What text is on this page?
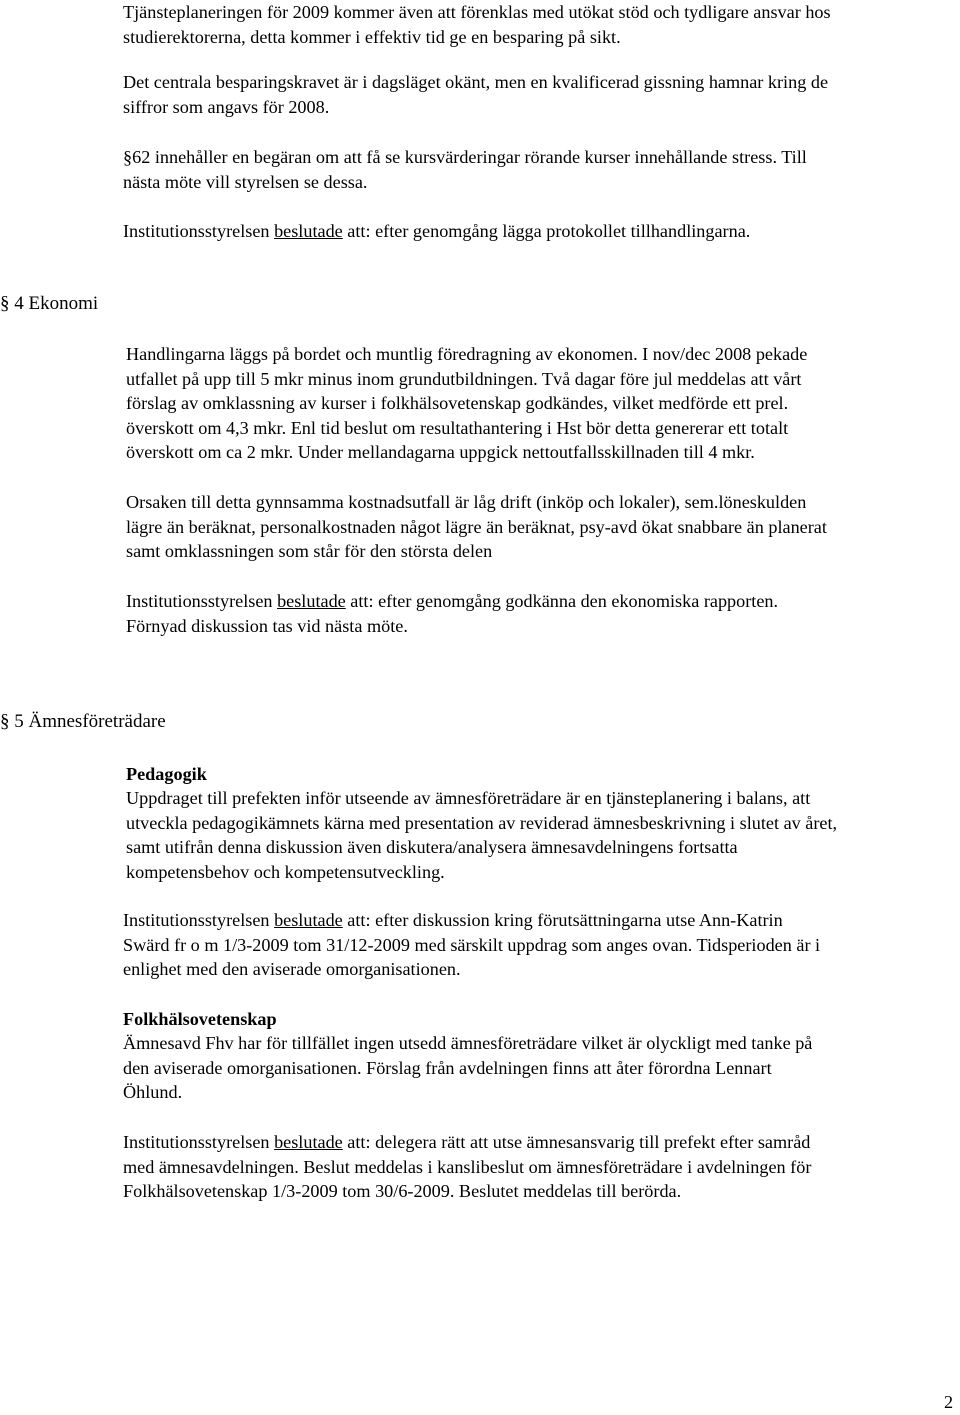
Tjänsteplaneringen för 2009 kommer även att förenklas med utökat stöd och tydligare ansvar hos
studierektorerna, detta kommer i effektiv tid ge en besparing på sikt.
Det centrala besparingskravet är i dagsläget okänt, men en kvalificerad gissning hamnar kring de
siffror som angavs för 2008.
§62 innehåller en begäran om att få se kursvärderingar rörande kurser innehållande stress. Till
nästa möte vill styrelsen se dessa.
Institutionsstyrelsen beslutade att: efter genomgång lägga protokollet tillhandlingarna.
§ 4 Ekonomi
Handlingarna läggs på bordet och muntlig föredragning av ekonomen. I nov/dec 2008 pekade
utfallet på upp till 5 mkr minus inom grundutbildningen. Två dagar före jul meddelas att vårt
förslag av omklassning av kurser i folkhälsovetenskap godkändes, vilket medförde ett prel.
överskott om 4,3 mkr. Enl tid beslut om resultathantering i Hst bör detta genererar ett totalt
överskott om ca 2 mkr. Under mellandagarna uppgick nettoutfallsskillnaden till 4 mkr.
Orsaken till detta gynnsamma kostnadsutfall är låg drift (inköp och lokaler), sem.löneskulden
lägre än beräknat, personalkostnaden något lägre än beräknat, psy-avd ökat snabbare än planerat
samt omklassningen som står för den största delen
Institutionsstyrelsen beslutade att: efter genomgång godkänna den ekonomiska rapporten.
Förnyad diskussion tas vid nästa möte.
§ 5 Ämnesföreträdare
Pedagogik
Uppdraget till prefekten inför utseende av ämnesföreträdare är en tjänsteplanering i balans, att
utveckla pedagogikämnets kärna med presentation av reviderad ämnesbeskrivning i slutet av året,
samt utifrån denna diskussion även diskutera/analysera ämnesavdelningens fortsatta
kompetensbehov och kompetensutveckling.
Institutionsstyrelsen beslutade att: efter diskussion kring förutsättningarna utse Ann-Katrin
Swärd fr o m 1/3-2009 tom 31/12-2009 med särskilt uppdrag som anges ovan. Tidsperioden är i
enlighet med den aviserade omorganisationen.
Folkhälsovetenskap
Ämnesavd Fhv har för tillfället ingen utsedd ämnesföreträdare vilket är olyckligt med tanke på
den aviserade omorganisationen. Förslag från avdelningen finns att åter förordna Lennart
Öhlund.
Institutionsstyrelsen beslutade att: delegera rätt att utse ämnesansvarig till prefekt efter samråd
med ämnesavdelningen. Beslut meddelas i kanslibeslut om ämnesföreträdare i avdelningen för
Folkhälsovetenskap 1/3-2009 tom 30/6-2009. Beslutet meddelas till berörda.
2
